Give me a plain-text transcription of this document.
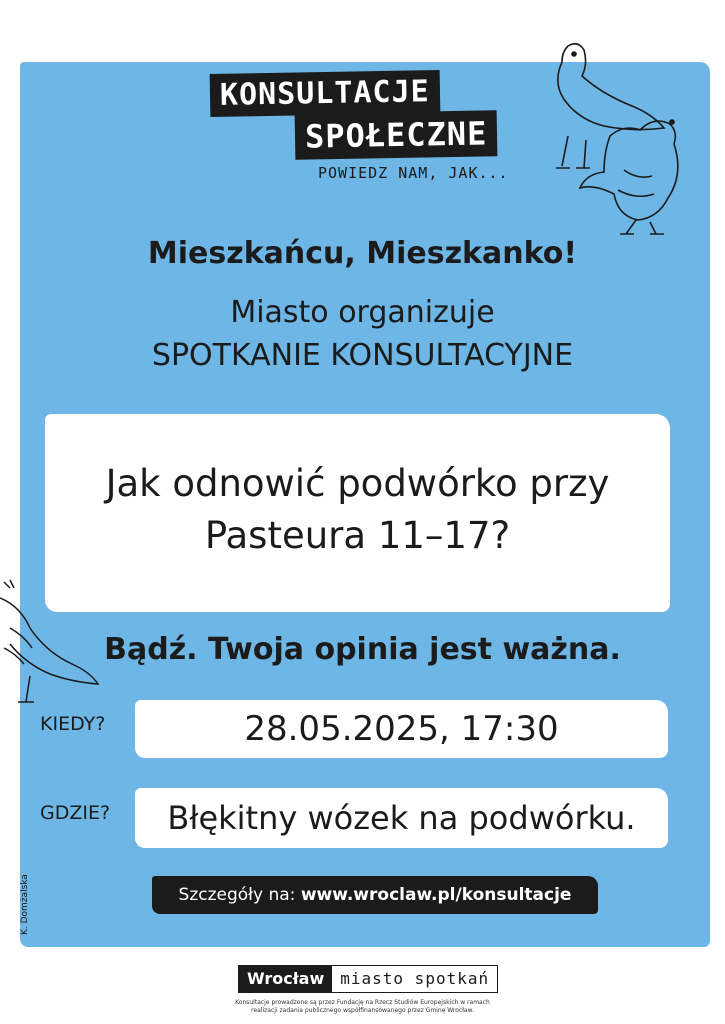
KONSULTACJE
SPOŁECZNE
POWIEDZ NAM, JAK...
Mieszkańcu, Mieszkanko!
Miasto organizuje
SPOTKANIE KONSULTACYJNE
Jak odnowić podwórko przy
Pasteura 11–17?
Bądź. Twoja opinia jest ważna.
KIEDY?	28.05.2025, 17:30
GDZIE?	Błękitny wózek na podwórku.
Szczegóły na: www.wroclaw.pl/konsultacje
K. Domżalska
Wrocław	miasto spotkań
Konsultacje prowadzone są przez Fundację na Rzecz Studiów Europejskich w ramach
realizacji zadania publicznego współfinansowanego przez Gminę Wrocław.
